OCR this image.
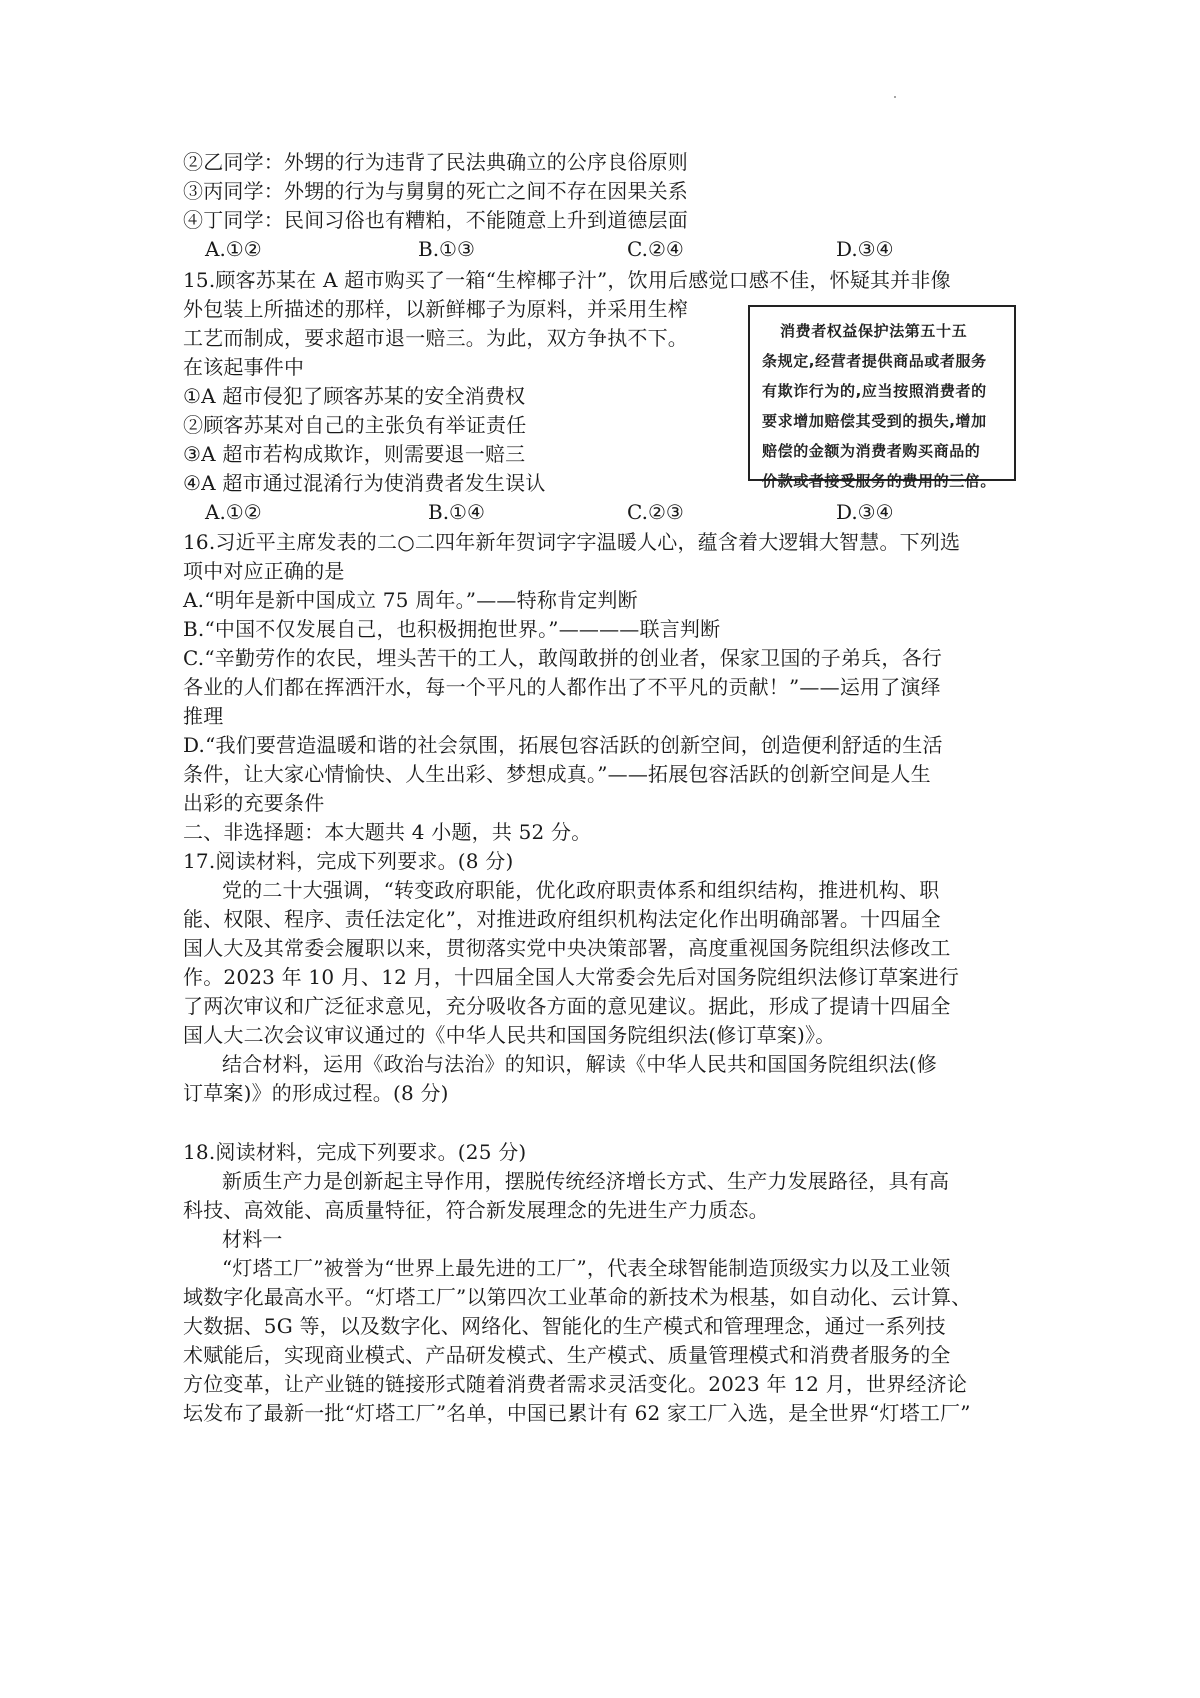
②乙同学：外甥的行为违背了民法典确立的公序良俗原则
③丙同学：外甥的行为与舅舅的死亡之间不存在因果关系
④丁同学：民间习俗也有糟粕，不能随意上升到道德层面
A.①②	B.①③	C.②④	D.③④
15.顾客苏某在 A 超市购买了一箱“生榨椰子汁”，饮用后感觉口感不佳，怀疑其并非像
外包装上所描述的那样，以新鲜椰子为原料，并采用生榨
工艺而制成，要求超市退一赔三。为此，双方争执不下。
在该起事件中
①A 超市侵犯了顾客苏某的安全消费权
②顾客苏某对自己的主张负有举证责任
③A 超市若构成欺诈，则需要退一赔三
④A 超市通过混淆行为使消费者发生误认
A.①②	B.①④	C.②③	D.③④
消费者权益保护法第五十五
条规定,经营者提供商品或者服务
有欺诈行为的,应当按照消费者的
要求增加赔偿其受到的损失,增加
赔偿的金额为消费者购买商品的
价款或者接受服务的费用的三倍。
16.习近平主席发表的二○二四年新年贺词字字温暖人心，蕴含着大逻辑大智慧。下列选
项中对应正确的是
A.“明年是新中国成立 75 周年。”——特称肯定判断
B.“中国不仅发展自己，也积极拥抱世界。”————联言判断
C.“辛勤劳作的农民，埋头苦干的工人，敢闯敢拼的创业者，保家卫国的子弟兵，各行
各业的人们都在挥洒汗水，每一个平凡的人都作出了不平凡的贡献！”——运用了演绎
推理
D.“我们要营造温暖和谐的社会氛围，拓展包容活跃的创新空间，创造便利舒适的生活
条件，让大家心情愉快、人生出彩、梦想成真。”——拓展包容活跃的创新空间是人生
出彩的充要条件
二、非选择题：本大题共 4 小题，共 52 分。
17.阅读材料，完成下列要求。(8 分)
党的二十大强调，“转变政府职能，优化政府职责体系和组织结构，推进机构、职
能、权限、程序、责任法定化”，对推进政府组织机构法定化作出明确部署。十四届全
国人大及其常委会履职以来，贯彻落实党中央决策部署，高度重视国务院组织法修改工
作。2023 年 10 月、12 月，十四届全国人大常委会先后对国务院组织法修订草案进行
了两次审议和广泛征求意见，充分吸收各方面的意见建议。据此，形成了提请十四届全
国人大二次会议审议通过的《中华人民共和国国务院组织法(修订草案)》。
结合材料，运用《政治与法治》的知识，解读《中华人民共和国国务院组织法(修
订草案)》的形成过程。(8 分)
18.阅读材料，完成下列要求。(25 分)
新质生产力是创新起主导作用，摆脱传统经济增长方式、生产力发展路径，具有高
科技、高效能、高质量特征，符合新发展理念的先进生产力质态。
材料一
“灯塔工厂”被誉为“世界上最先进的工厂”，代表全球智能制造顶级实力以及工业领
域数字化最高水平。“灯塔工厂”以第四次工业革命的新技术为根基，如自动化、云计算、
大数据、5G 等，以及数字化、网络化、智能化的生产模式和管理理念，通过一系列技
术赋能后，实现商业模式、产品研发模式、生产模式、质量管理模式和消费者服务的全
方位变革，让产业链的链接形式随着消费者需求灵活变化。2023 年 12 月，世界经济论
坛发布了最新一批“灯塔工厂”名单，中国已累计有 62 家工厂入选，是全世界“灯塔工厂”
